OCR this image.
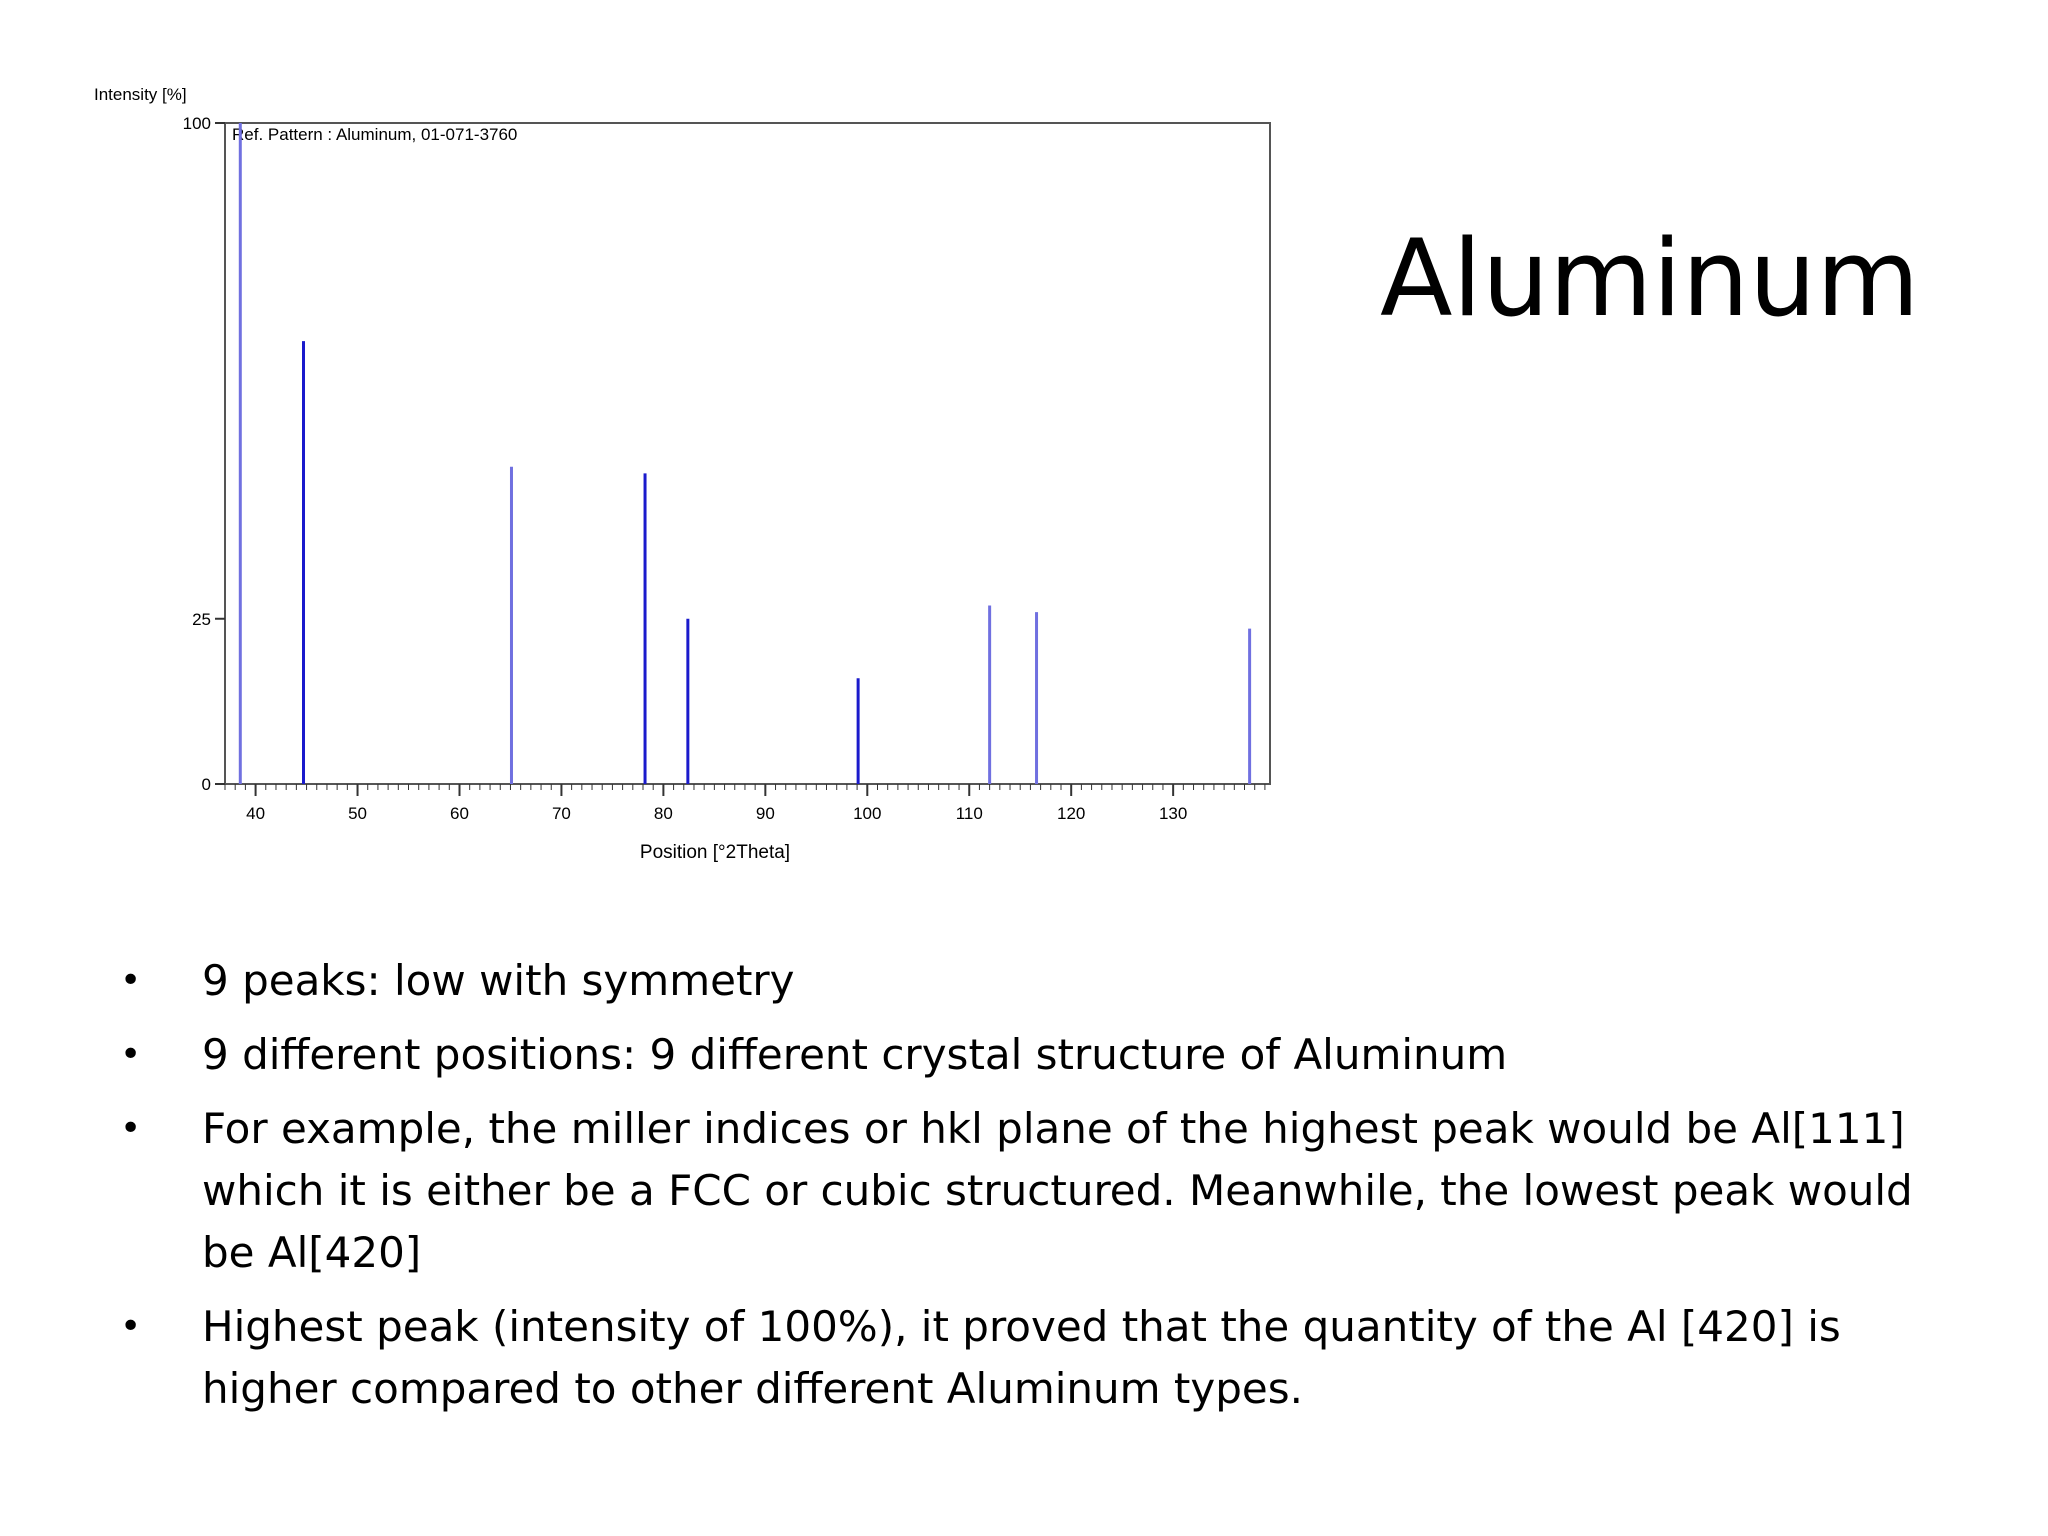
Aluminum
Intensity [%]
Ref. Pattern : Aluminum, 01-071-3760
40	50	60	70	80	90	100	110	120	130
0
25
100
Position [°2Theta]
• 9 peaks: low with symmetry
• 9 different positions: 9 different crystal structure of Aluminum
• For example, the miller indices or hkl plane of the highest peak would be Al[111] which it is either be a FCC or cubic structured. Meanwhile, the lowest peak would be Al[420]
• Highest peak (intensity of 100%), it proved that the quantity of the Al [420] is higher compared to other different Aluminum types.
